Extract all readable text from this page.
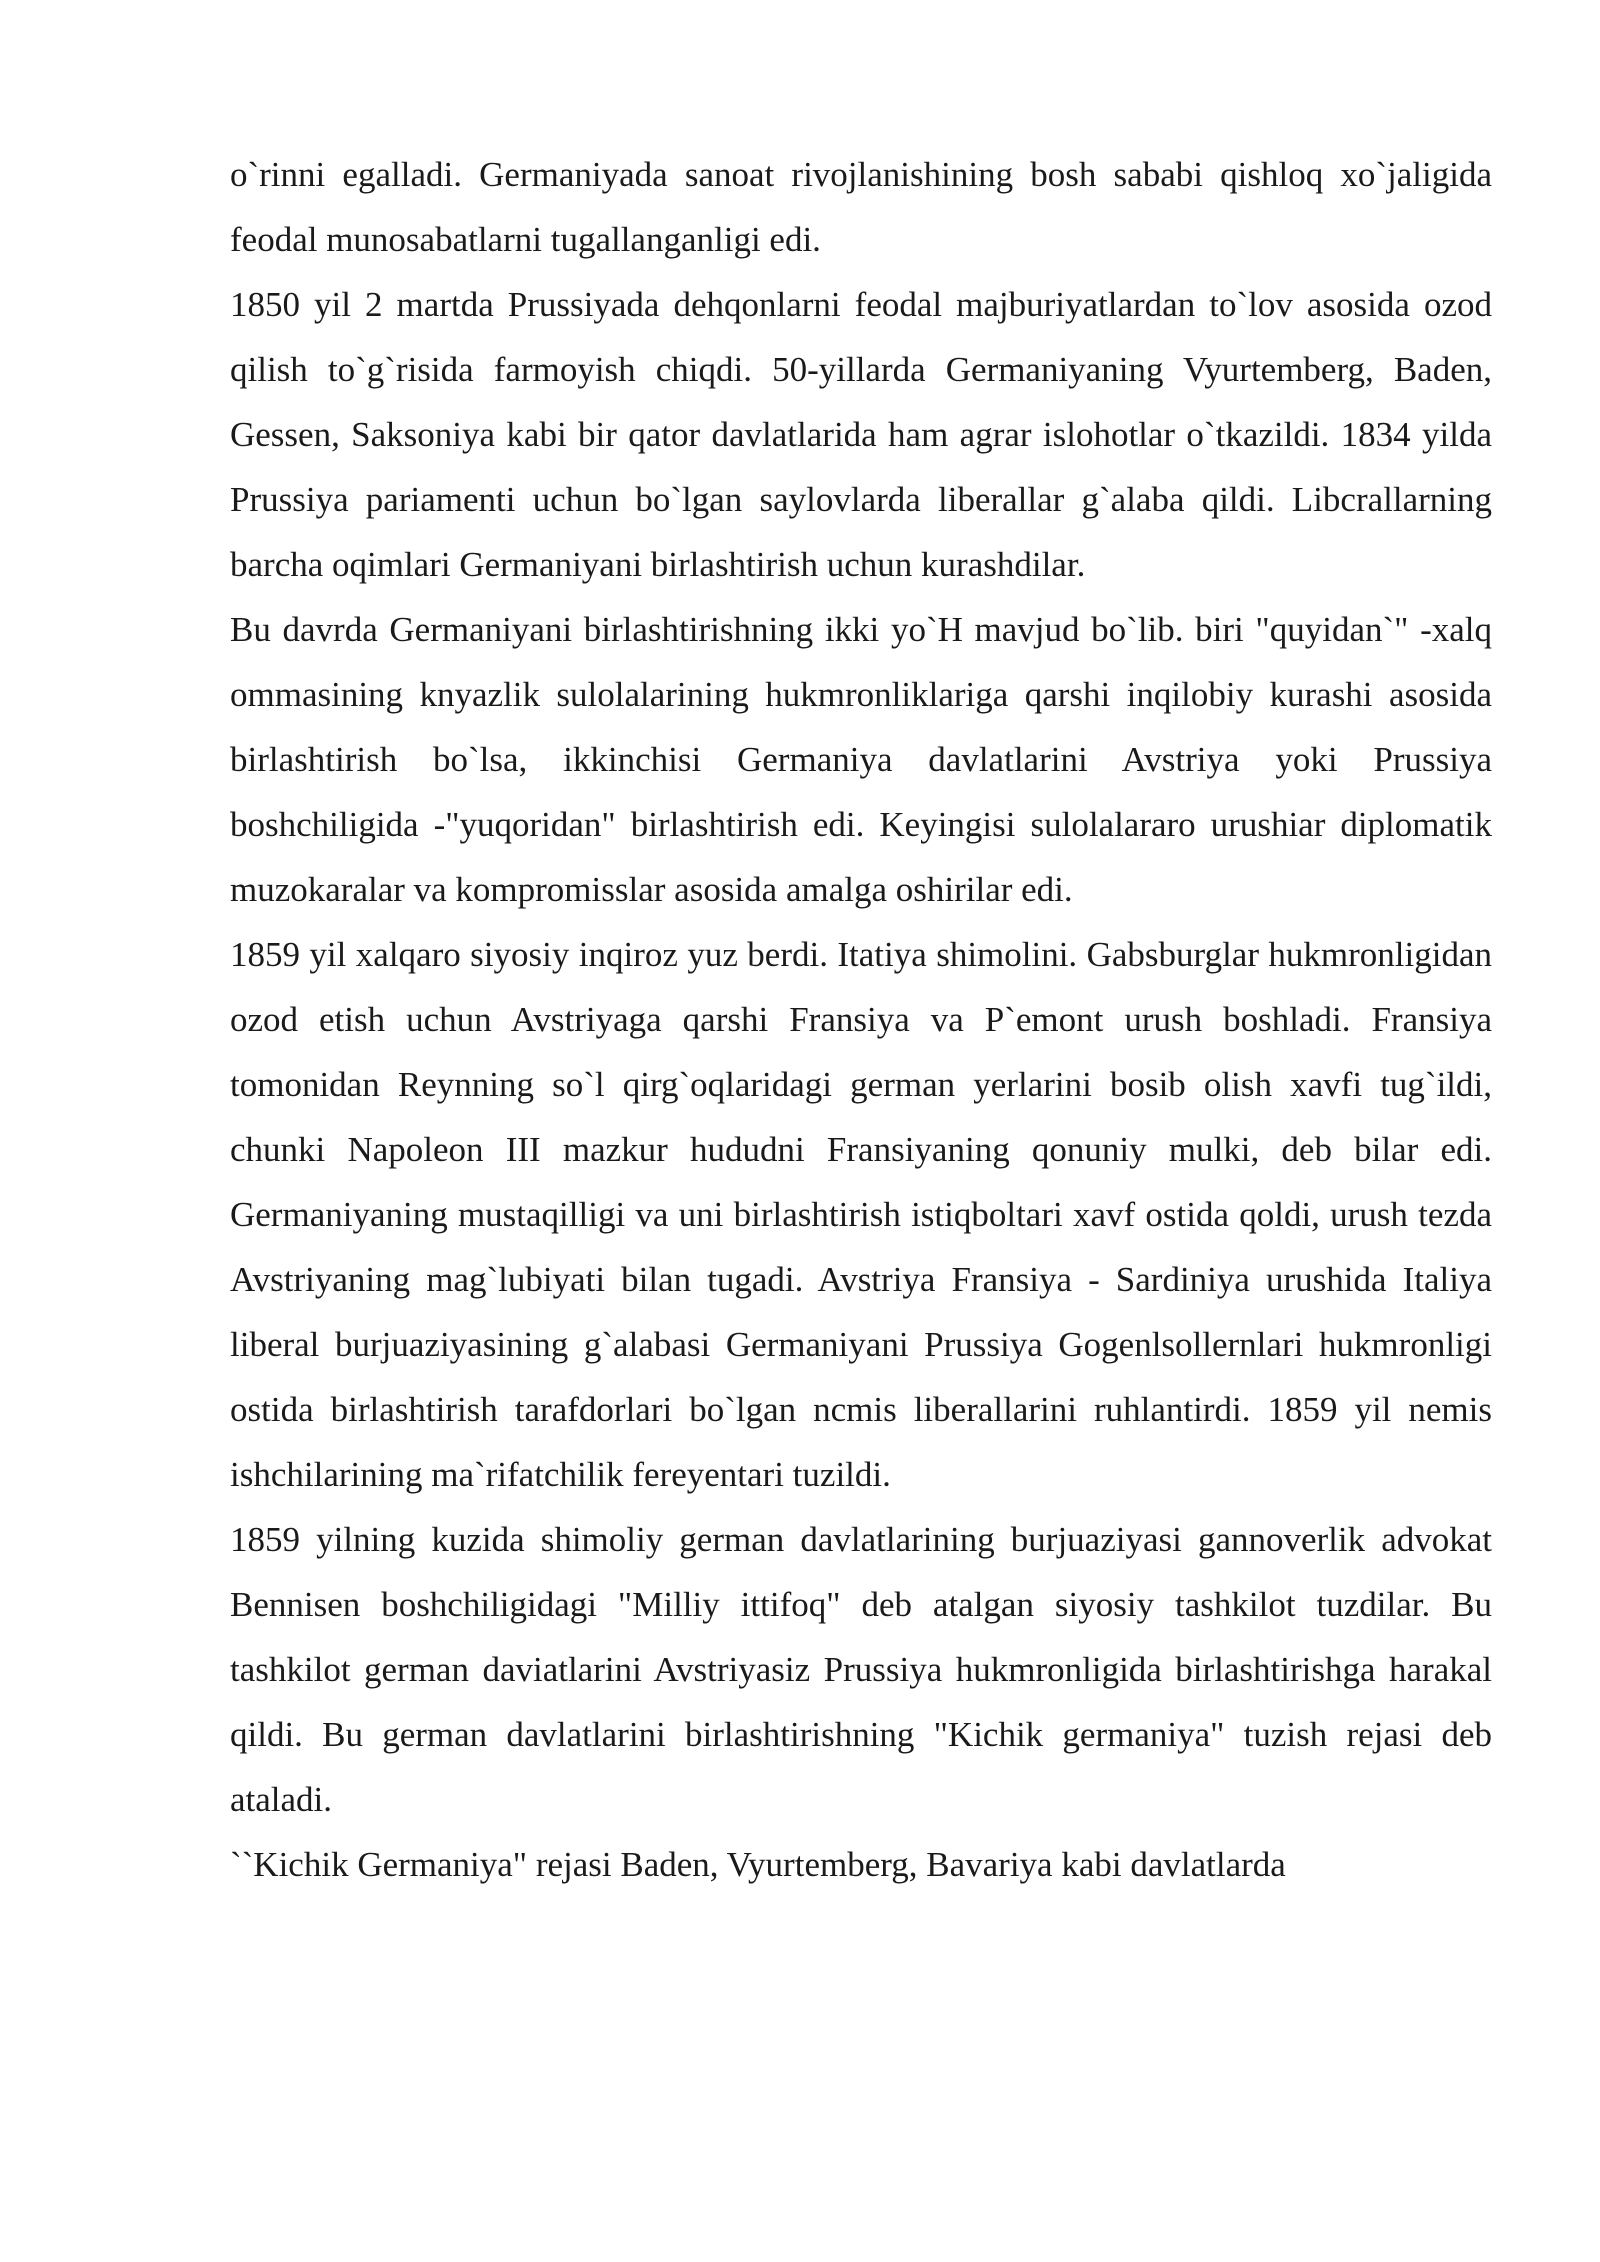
o`rinni egalladi. Germaniyada sanoat rivojlanishining bosh sababi qishloq xo`jaligida feodal munosabatlarni tugallanganligi edi.

1850 yil 2 martda Prussiyada dehqonlarni feodal majburiyatlardan to`lov asosida ozod qilish to`g`risida farmoyish chiqdi. 50-yillarda Germaniyaning Vyurtemberg, Baden, Gessen, Saksoniya kabi bir qator davlatlarida ham agrar islohotlar o`tkazildi. 1834 yilda Prussiya pariamenti uchun bo`lgan saylovlarda liberallar g`alaba qildi. Libcrallarning barcha oqimlari Germaniyani birlashtirish uchun kurashdilar.

Bu davrda Germaniyani birlashtirishning ikki yo`H mavjud bo`lib. biri "quyidan`" -xalq ommasining knyazlik sulolalarining hukmronliklariga qarshi inqilobiy kurashi asosida birlashtirish bo`lsa, ikkinchisi Germaniya davlatlarini Avstriya yoki Prussiya boshchiligida -"yuqoridan" birlashtirish edi. Keyingisi sulolalararo urushiar diplomatik muzokaralar va kompromisslar asosida amalga oshirilar edi.

1859 yil xalqaro siyosiy inqiroz yuz berdi. Itatiya shimolini. Gabsburglar hukmronligidan ozod etish uchun Avstriyaga qarshi Fransiya va P`emont urush boshladi. Fransiya tomonidan Reynning so`l qirg`oqlaridagi german yerlarini bosib olish xavfi tug`ildi, chunki Napoleon III mazkur hududni Fransiyaning qonuniy mulki, deb bilar edi. Germaniyaning mustaqilligi va uni birlashtirish istiqboltari xavf ostida qoldi, urush tezda Avstriyaning mag`lubiyati bilan tugadi. Avstriya Fransiya - Sardiniya urushida Italiya liberal burjuaziyasining g`alabasi Germaniyani Prussiya Gogenlsollernlari hukmronligi ostida birlashtirish tarafdorlari bo`lgan ncmis liberallarini ruhlantirdi. 1859 yil nemis ishchilarining ma`rifatchilik fereyentari tuzildi.

1859 yilning kuzida shimoliy german davlatlarining burjuaziyasi gannoverlik advokat Bennisen boshchiligidagi "Milliy ittifoq" deb atalgan siyosiy tashkilot tuzdilar. Bu tashkilot german daviatlarini Avstriyasiz Prussiya hukmronligida birlashtirishga harakal qildi. Bu german davlatlarini birlashtirishning "Kichik germaniya" tuzish rejasi deb ataladi.

``Kichik Germaniya" rejasi Baden, Vyurtemberg, Bavariya kabi davlatlarda
